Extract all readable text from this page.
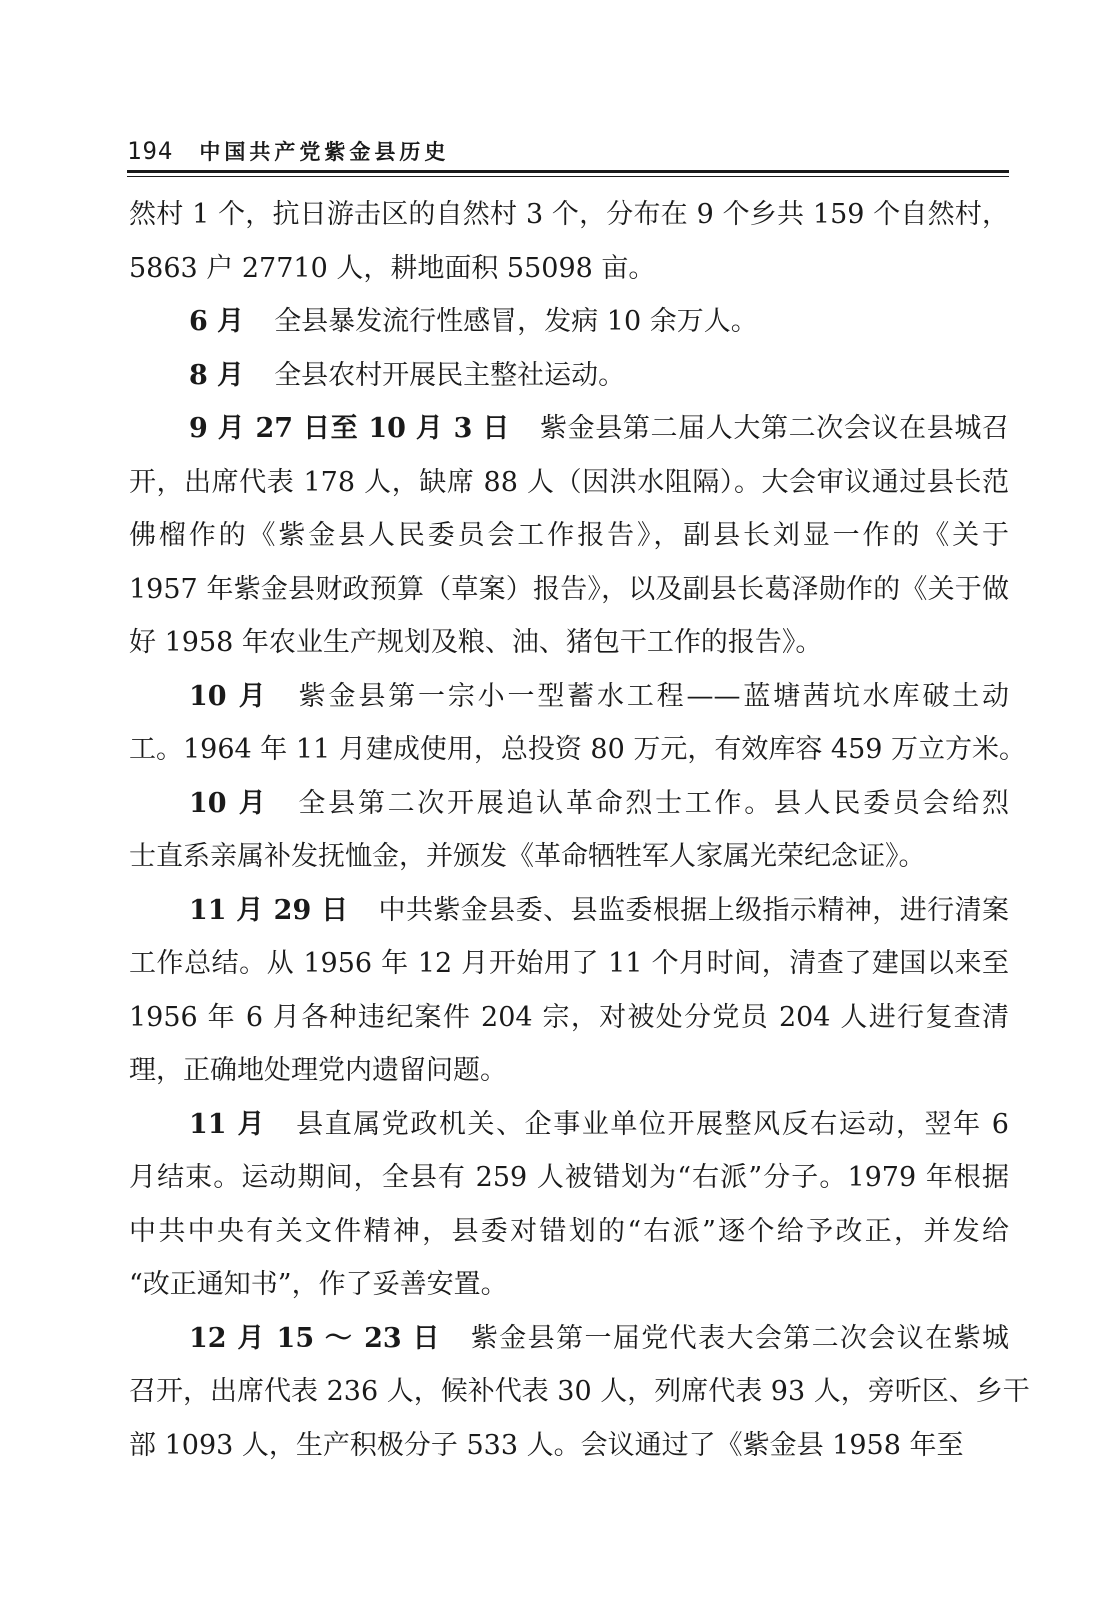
194 中国共产党紫金县历史
然村 1 个，抗日游击区的自然村 3 个，分布在 9 个乡共 159 个自然村，
5863 户 27710 人，耕地面积 55098 亩。
6 月 全县暴发流行性感冒，发病 10 余万人。
8 月 全县农村开展民主整社运动。
9 月 27 日至 10 月 3 日 紫金县第二届人大第二次会议在县城召
开，出席代表 178 人，缺席 88 人（因洪水阻隔）。大会审议通过县长范
佛榴作的《紫金县人民委员会工作报告》，副县长刘显一作的《关于
1957 年紫金县财政预算（草案）报告》，以及副县长葛泽勋作的《关于做
好 1958 年农业生产规划及粮、油、猪包干工作的报告》。
10 月 紫金县第一宗小一型蓄水工程——蓝塘茜坑水库破土动
工。1964 年 11 月建成使用，总投资 80 万元，有效库容 459 万立方米。
10 月 全县第二次开展追认革命烈士工作。县人民委员会给烈
士直系亲属补发抚恤金，并颁发《革命牺牲军人家属光荣纪念证》。
11 月 29 日 中共紫金县委、县监委根据上级指示精神，进行清案
工作总结。从 1956 年 12 月开始用了 11 个月时间，清查了建国以来至
1956 年 6 月各种违纪案件 204 宗，对被处分党员 204 人进行复查清
理，正确地处理党内遗留问题。
11 月 县直属党政机关、企事业单位开展整风反右运动，翌年 6
月结束。运动期间，全县有 259 人被错划为“右派”分子。1979 年根据
中共中央有关文件精神，县委对错划的“右派”逐个给予改正，并发给
“改正通知书”，作了妥善安置。
12 月 15 ～ 23 日 紫金县第一届党代表大会第二次会议在紫城
召开，出席代表 236 人，候补代表 30 人，列席代表 93 人，旁听区、乡干
部 1093 人，生产积极分子 533 人。会议通过了《紫金县 1958 年至
